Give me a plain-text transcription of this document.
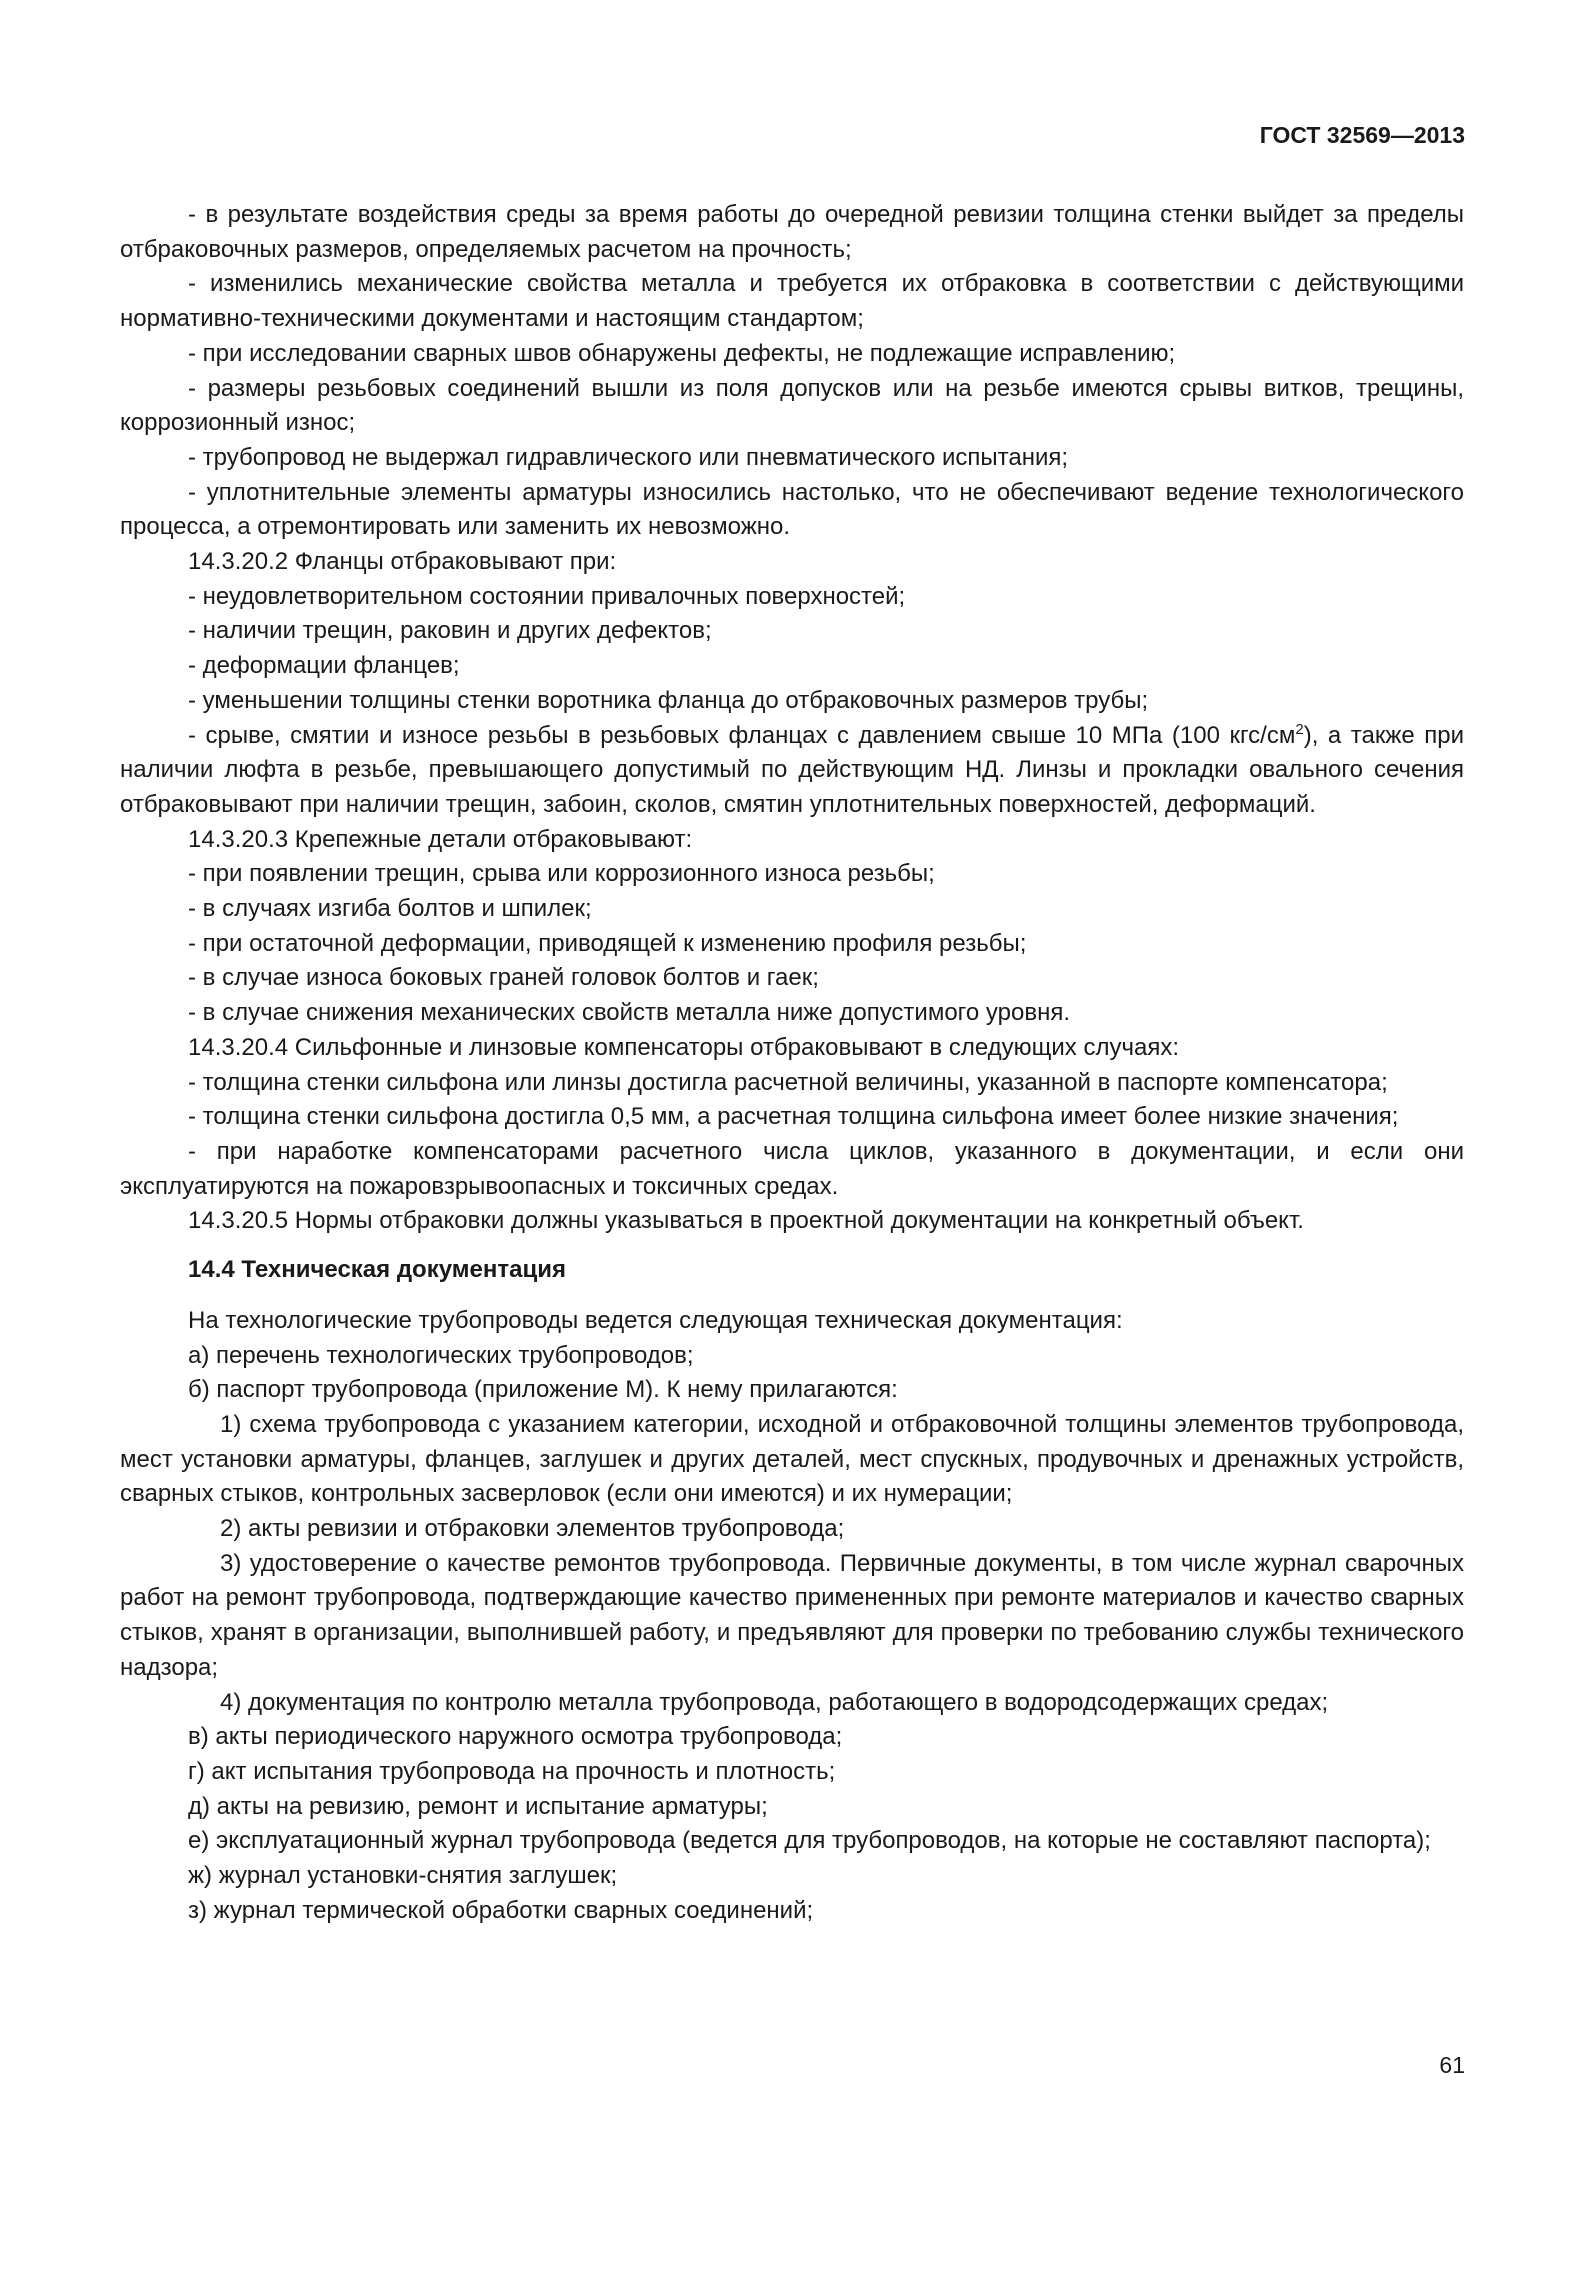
ГОСТ 32569—2013

- в результате воздействия среды за время работы до очередной ревизии толщина стенки выйдет за пределы отбраковочных размеров, определяемых расчетом на прочность;

- изменились механические свойства металла и требуется их отбраковка в соответствии с действующими нормативно-техническими документами и настоящим стандартом;

- при исследовании сварных швов обнаружены дефекты, не подлежащие исправлению;

- размеры резьбовых соединений вышли из поля допусков или на резьбе имеются срывы витков, трещины, коррозионный износ;

- трубопровод не выдержал гидравлического или пневматического испытания;

- уплотнительные элементы арматуры износились настолько, что не обеспечивают ведение технологического процесса, а отремонтировать или заменить их невозможно.

14.3.20.2 Фланцы отбраковывают при:

- неудовлетворительном состоянии привалочных поверхностей;

- наличии трещин, раковин и других дефектов;

- деформации фланцев;

- уменьшении толщины стенки воротника фланца до отбраковочных размеров трубы;

- срыве, смятии и износе резьбы в резьбовых фланцах с давлением свыше 10 МПа (100 кгс/$см^2$), а также при наличии люфта в резьбе, превышающего допустимый по действующим НД. Линзы и прокладки овального сечения отбраковывают при наличии трещин, забоин, сколов, смятин уплотнительных поверхностей, деформаций.

14.3.20.3 Крепежные детали отбраковывают:

- при появлении трещин, срыва или коррозионного износа резьбы;

- в случаях изгиба болтов и шпилек;

- при остаточной деформации, приводящей к изменению профиля резьбы;

- в случае износа боковых граней головок болтов и гаек;

- в случае снижения механических свойств металла ниже допустимого уровня.

14.3.20.4 Сильфонные и линзовые компенсаторы отбраковывают в следующих случаях:

- толщина стенки сильфона или линзы достигла расчетной величины, указанной в паспорте компенсатора;

- толщина стенки сильфона достигла 0,5 мм, а расчетная толщина сильфона имеет более низкие значения;

- при наработке компенсаторами расчетного числа циклов, указанного в документации, и если они эксплуатируются на пожаровзрывоопасных и токсичных средах.

14.3.20.5 Нормы отбраковки должны указываться в проектной документации на конкретный объект.

14.4 Техническая документация

На технологические трубопроводы ведется следующая техническая документация:

а) перечень технологических трубопроводов;

б) паспорт трубопровода (приложение М). К нему прилагаются:

1) схема трубопровода с указанием категории, исходной и отбраковочной толщины элементов трубопровода, мест установки арматуры, фланцев, заглушек и других деталей, мест спускных, продувочных и дренажных устройств, сварных стыков, контрольных засверловок (если они имеются) и их нумерации;

2) акты ревизии и отбраковки элементов трубопровода;

3) удостоверение о качестве ремонтов трубопровода. Первичные документы, в том числе журнал сварочных работ на ремонт трубопровода, подтверждающие качество примененных при ремонте материалов и качество сварных стыков, хранят в организации, выполнившей работу, и предъявляют для проверки по требованию службы технического надзора;

4) документация по контролю металла трубопровода, работающего в водородсодержащих средах;

в) акты периодического наружного осмотра трубопровода;

г) акт испытания трубопровода на прочность и плотность;

д) акты на ревизию, ремонт и испытание арматуры;

е) эксплуатационный журнал трубопровода (ведется для трубопроводов, на которые не составляют паспорта);

ж) журнал установки-снятия заглушек;

з) журнал термической обработки сварных соединений;

61
